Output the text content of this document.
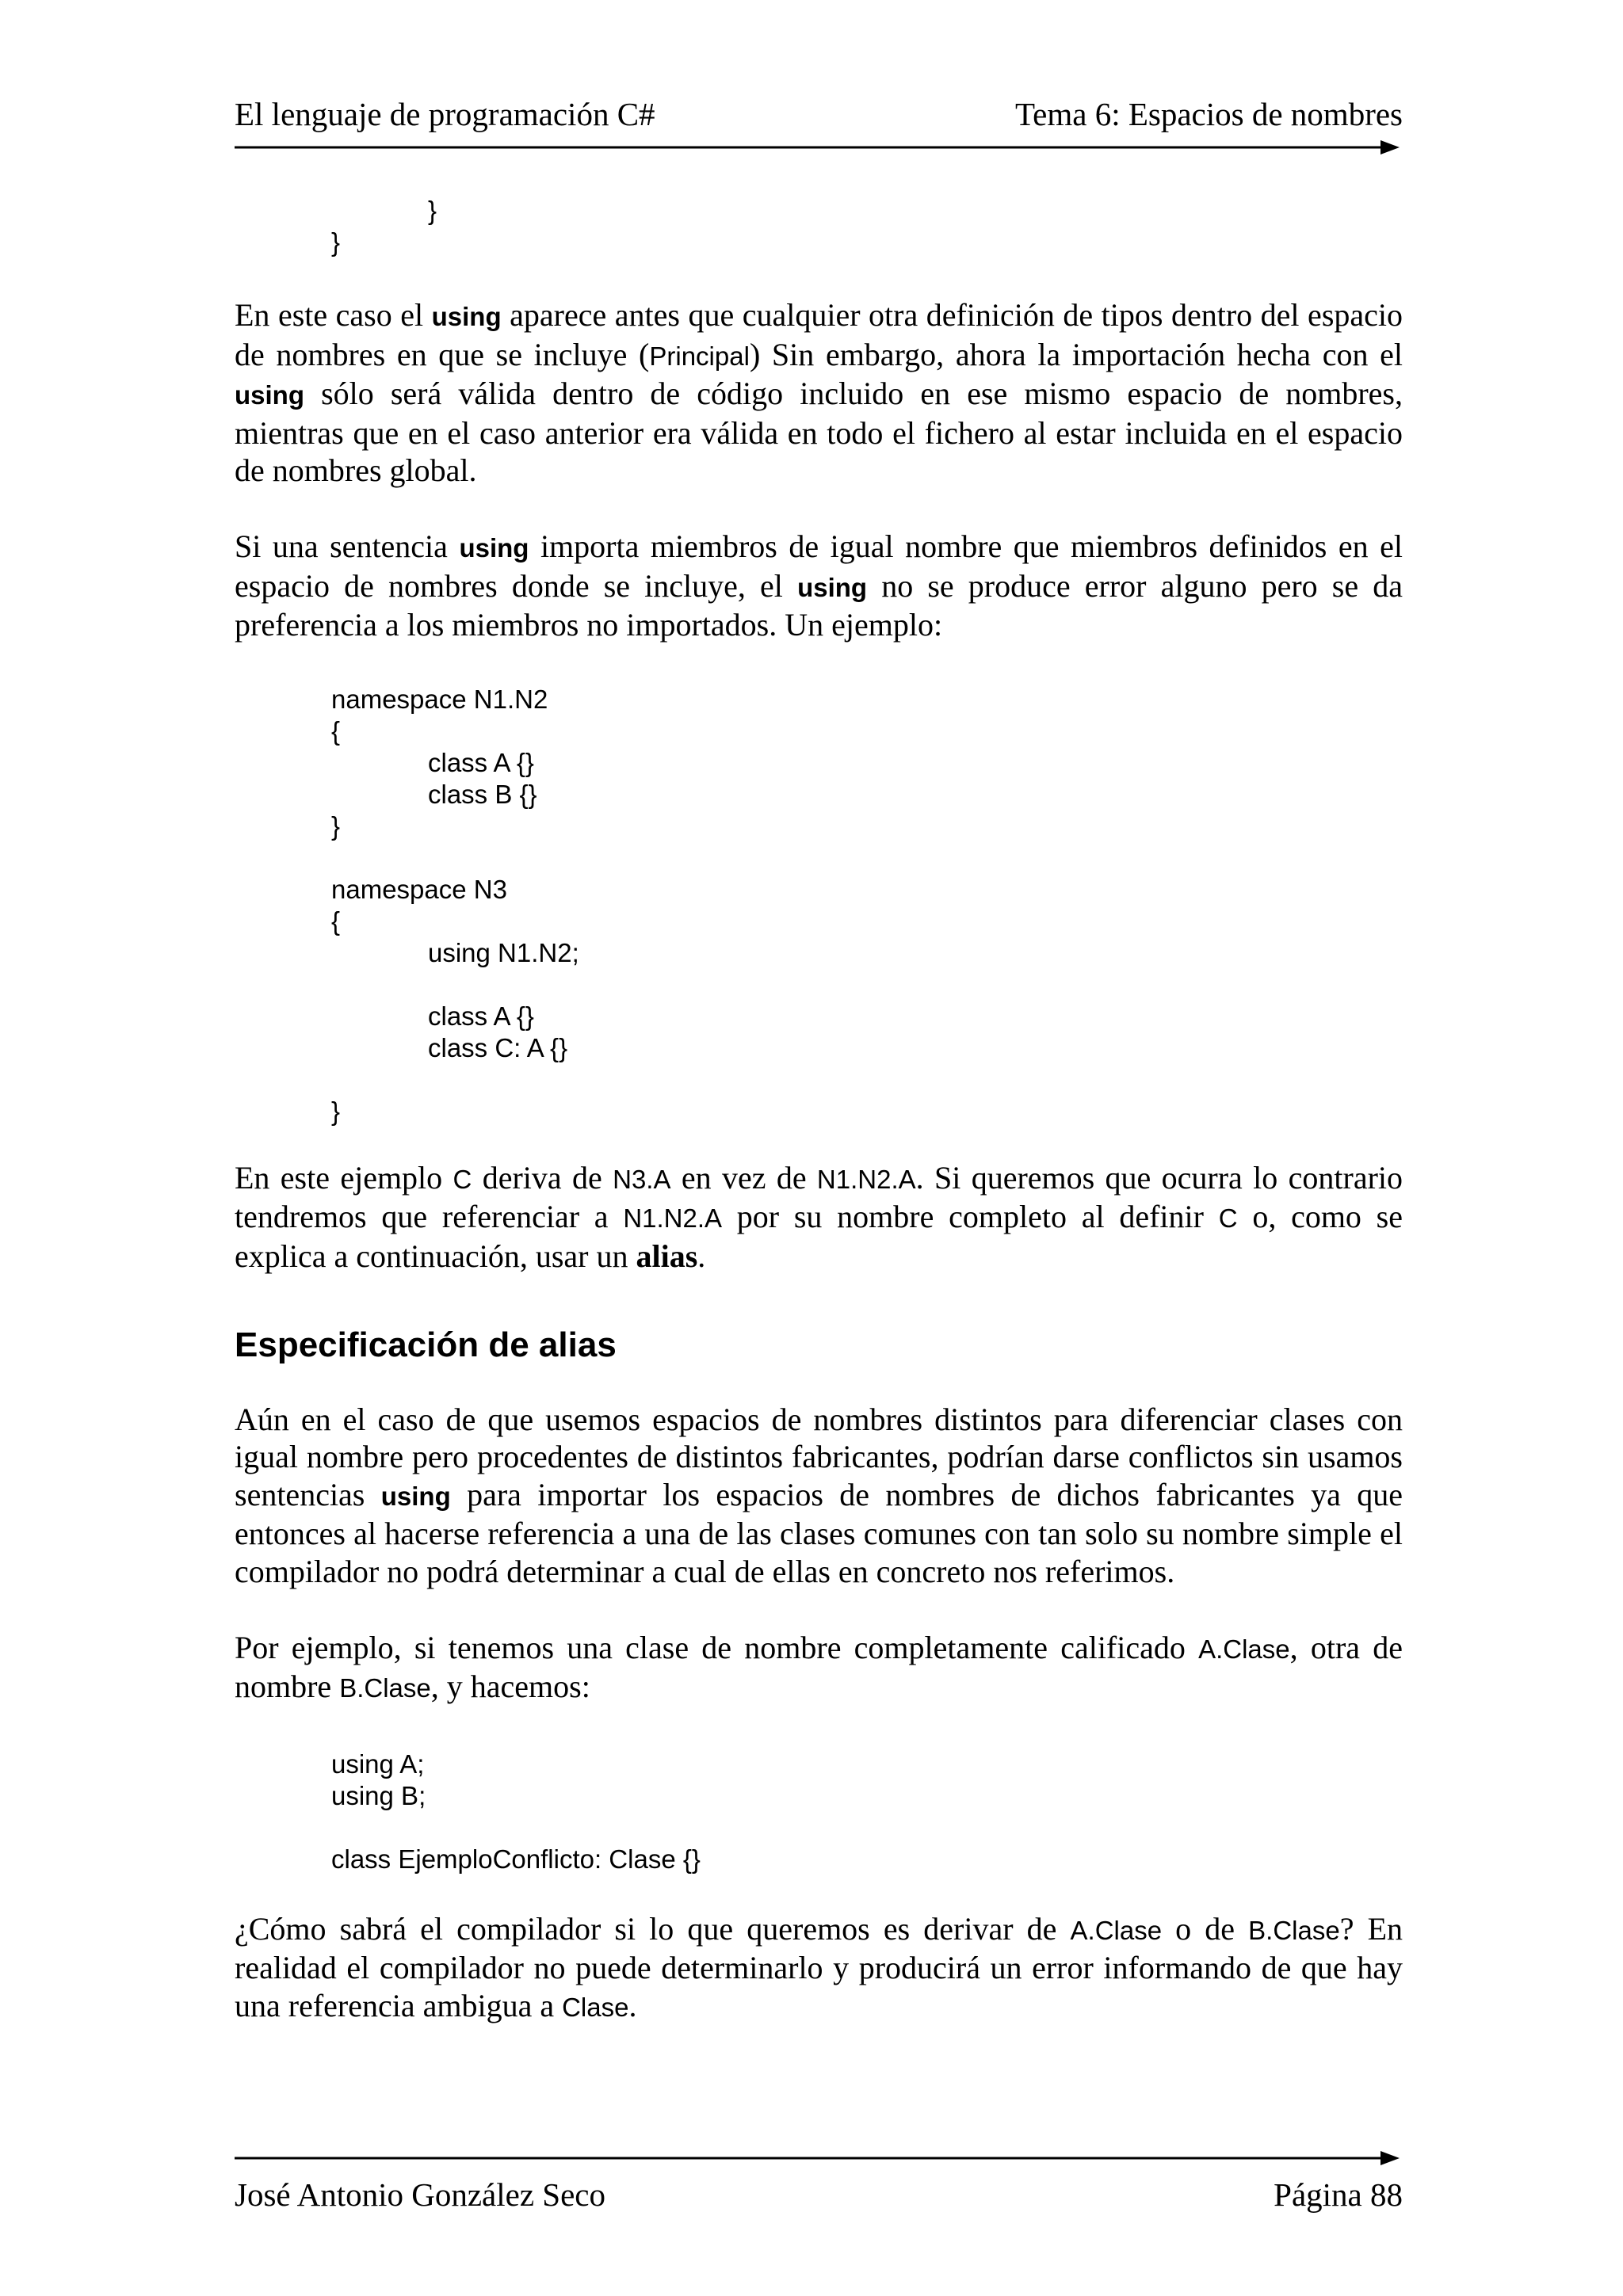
El lenguaje de programación C#	Tema 6: Espacios de nombres
}
}

En este caso el using aparece antes que cualquier otra definición de tipos dentro del espacio de nombres en que se incluye (Principal) Sin embargo, ahora la importación hecha con el using sólo será válida dentro de código incluido en ese mismo espacio de nombres, mientras que en el caso anterior era válida en todo el fichero al estar incluida en el espacio de nombres global.

Si una sentencia using importa miembros de igual nombre que miembros definidos en el espacio de nombres donde se incluye, el using no se produce error alguno pero se da preferencia a los miembros no importados. Un ejemplo:

namespace N1.N2
{
class A {}
class B {}
}
namespace N3
{
using N1.N2;
class A {}
class C: A {}
}

En este ejemplo C deriva de N3.A en vez de N1.N2.A. Si queremos que ocurra lo contrario tendremos que referenciar a N1.N2.A por su nombre completo al definir C o, como se explica a continuación, usar un alias.

Especificación de alias

Aún en el caso de que usemos espacios de nombres distintos para diferenciar clases con igual nombre pero procedentes de distintos fabricantes, podrían darse conflictos sin usamos sentencias using para importar los espacios de nombres de dichos fabricantes ya que entonces al hacerse referencia a una de las clases comunes con tan solo su nombre simple el compilador no podrá determinar a cual de ellas en concreto nos referimos.

Por ejemplo, si tenemos una clase de nombre completamente calificado A.Clase, otra de nombre B.Clase, y hacemos:

using A;
using B;
class EjemploConflicto: Clase {}

¿Cómo sabrá el compilador si lo que queremos es derivar de A.Clase o de B.Clase? En realidad el compilador no puede determinarlo y producirá un error informando de que hay una referencia ambigua a Clase.

José Antonio González Seco	Página 88
